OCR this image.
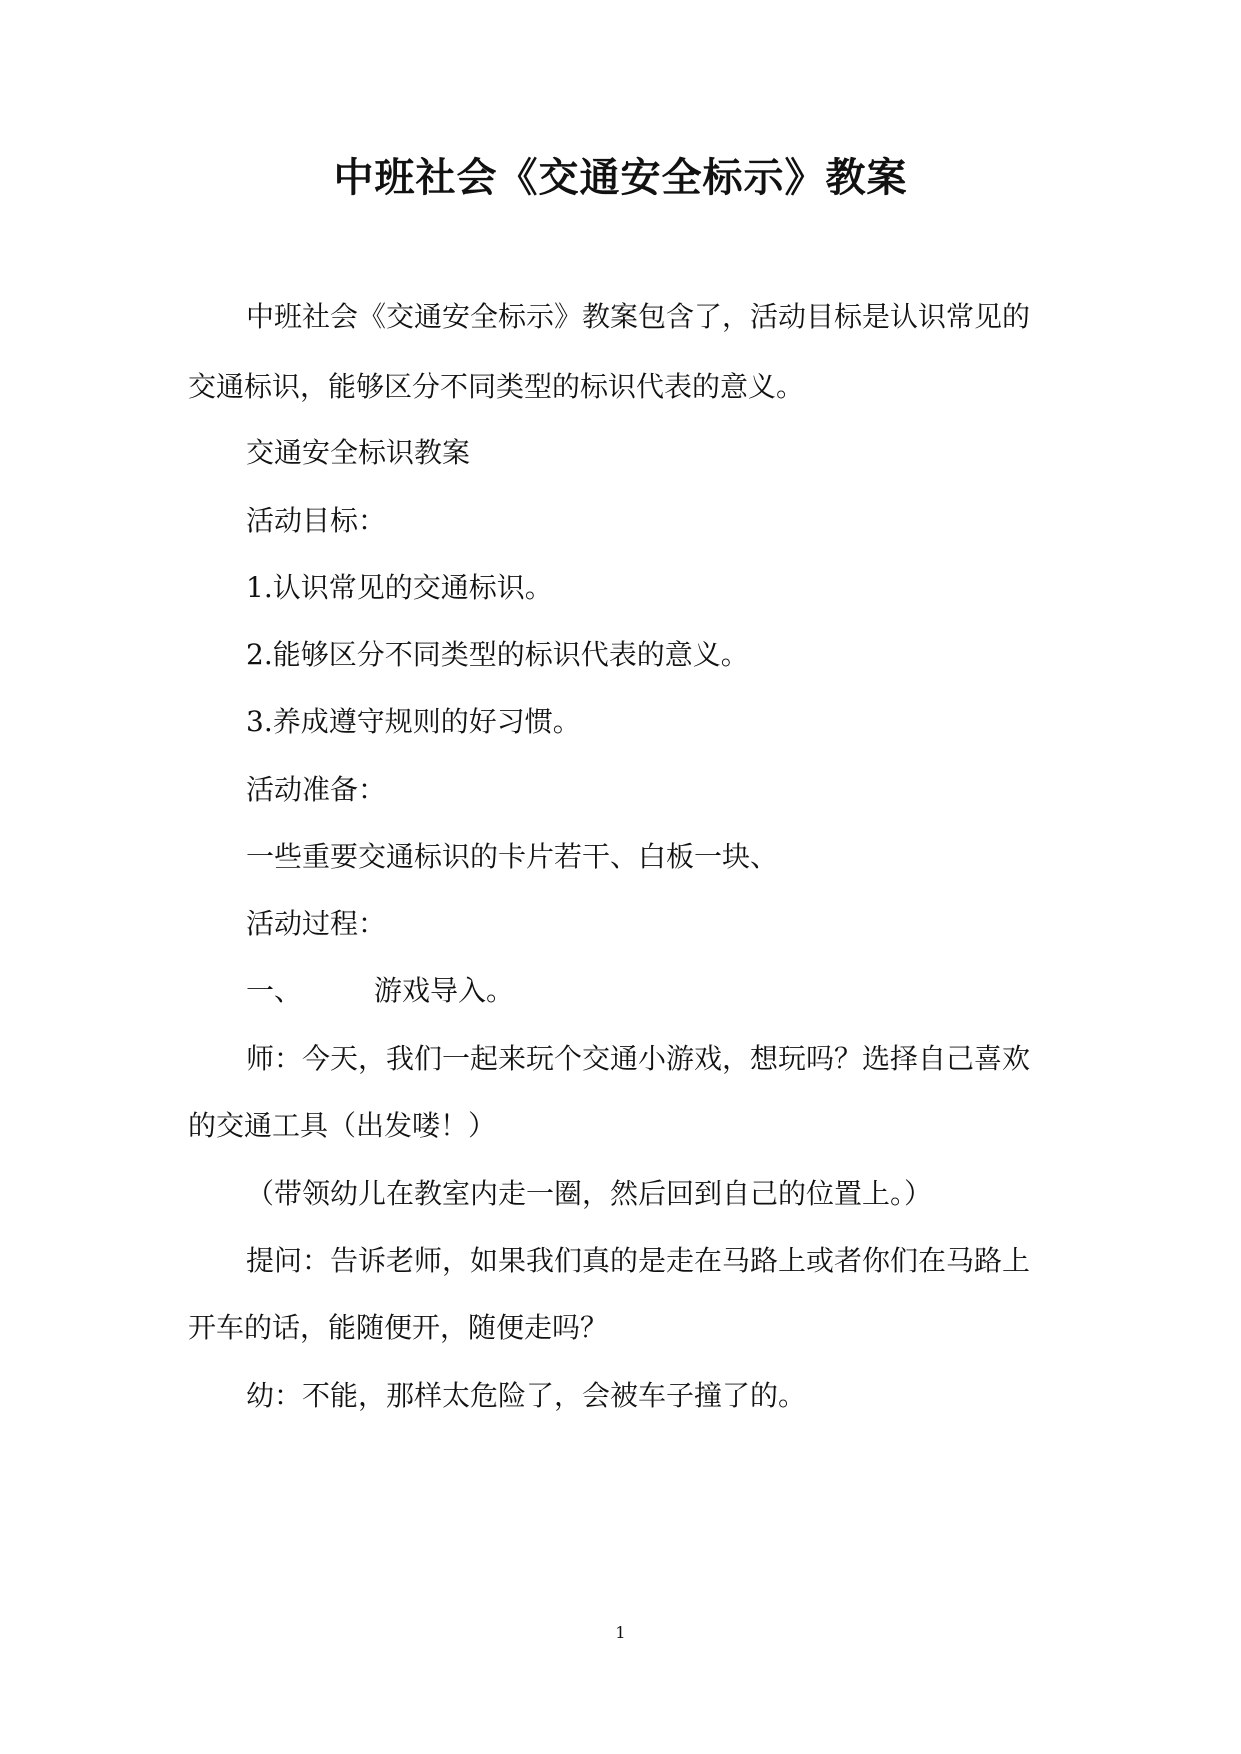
中班社会《交通安全标示》教案

中班社会《交通安全标示》教案包含了，活动目标是认识常见的

交通标识，能够区分不同类型的标识代表的意义。

交通安全标识教案

活动目标：

1.认识常见的交通标识。

2.能够区分不同类型的标识代表的意义。

3.养成遵守规则的好习惯。

活动准备：

一些重要交通标识的卡片若干、白板一块、

活动过程：

一、	游戏导入。

师：今天，我们一起来玩个交通小游戏，想玩吗？选择自己喜欢

的交通工具（出发喽！）

（带领幼儿在教室内走一圈，然后回到自己的位置上。）

提问：告诉老师，如果我们真的是走在马路上或者你们在马路上

开车的话，能随便开，随便走吗？

幼：不能，那样太危险了，会被车子撞了的。

1
